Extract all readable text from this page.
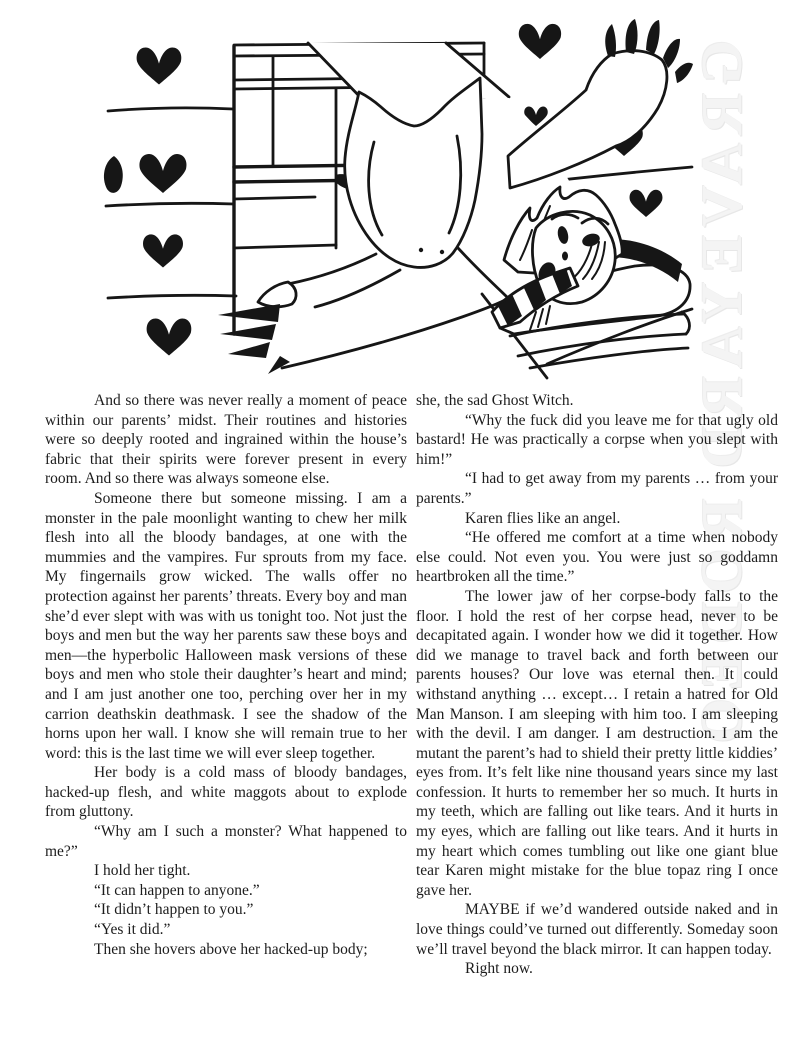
GRAVEYARD RODEO

And so there was never really a moment of peace within our parents’ midst. Their routines and histories were so deeply rooted and ingrained within the house’s fabric that their spirits were forever present in every room. And so there was always someone else.

Someone there but someone missing. I am a monster in the pale moonlight wanting to chew her milk flesh into all the bloody bandages, at one with the mummies and the vampires. Fur sprouts from my face. My fingernails grow wicked. The walls offer no protection against her parents’ threats. Every boy and man she’d ever slept with was with us tonight too. Not just the boys and men but the way her parents saw these boys and men—the hyperbolic Halloween mask versions of these boys and men who stole their daughter’s heart and mind; and I am just another one too, perching over her in my carrion deathskin deathmask. I see the shadow of the horns upon her wall. I know she will remain true to her word: this is the last time we will ever sleep together.

Her body is a cold mass of bloody bandages, hacked-up flesh, and white maggots about to explode from gluttony.

“Why am I such a monster? What happened to me?”

I hold her tight.

“It can happen to anyone.”

“It didn’t happen to you.”

“Yes it did.”

Then she hovers above her hacked-up body;

she, the sad Ghost Witch.

“Why the fuck did you leave me for that ugly old bastard! He was practically a corpse when you slept with him!”

“I had to get away from my parents … from your parents.”

Karen flies like an angel.

“He offered me comfort at a time when nobody else could. Not even you. You were just so goddamn heartbroken all the time.”

The lower jaw of her corpse-body falls to the floor. I hold the rest of her corpse head, never to be decapitated again. I wonder how we did it together. How did we manage to travel back and forth between our parents houses? Our love was eternal then. It could withstand anything … except… I retain a hatred for Old Man Manson. I am sleeping with him too. I am sleeping with the devil. I am danger. I am destruction. I am the mutant the parent’s had to shield their pretty little kiddies’ eyes from. It’s felt like nine thousand years since my last confession. It hurts to remember her so much. It hurts in my teeth, which are falling out like tears. And it hurts in my eyes, which are falling out like tears. And it hurts in my heart which comes tumbling out like one giant blue tear Karen might mistake for the blue topaz ring I once gave her.

MAYBE if we’d wandered outside naked and in love things could’ve turned out differently. Someday soon we’ll travel beyond the black mirror. It can happen today.

Right now.
